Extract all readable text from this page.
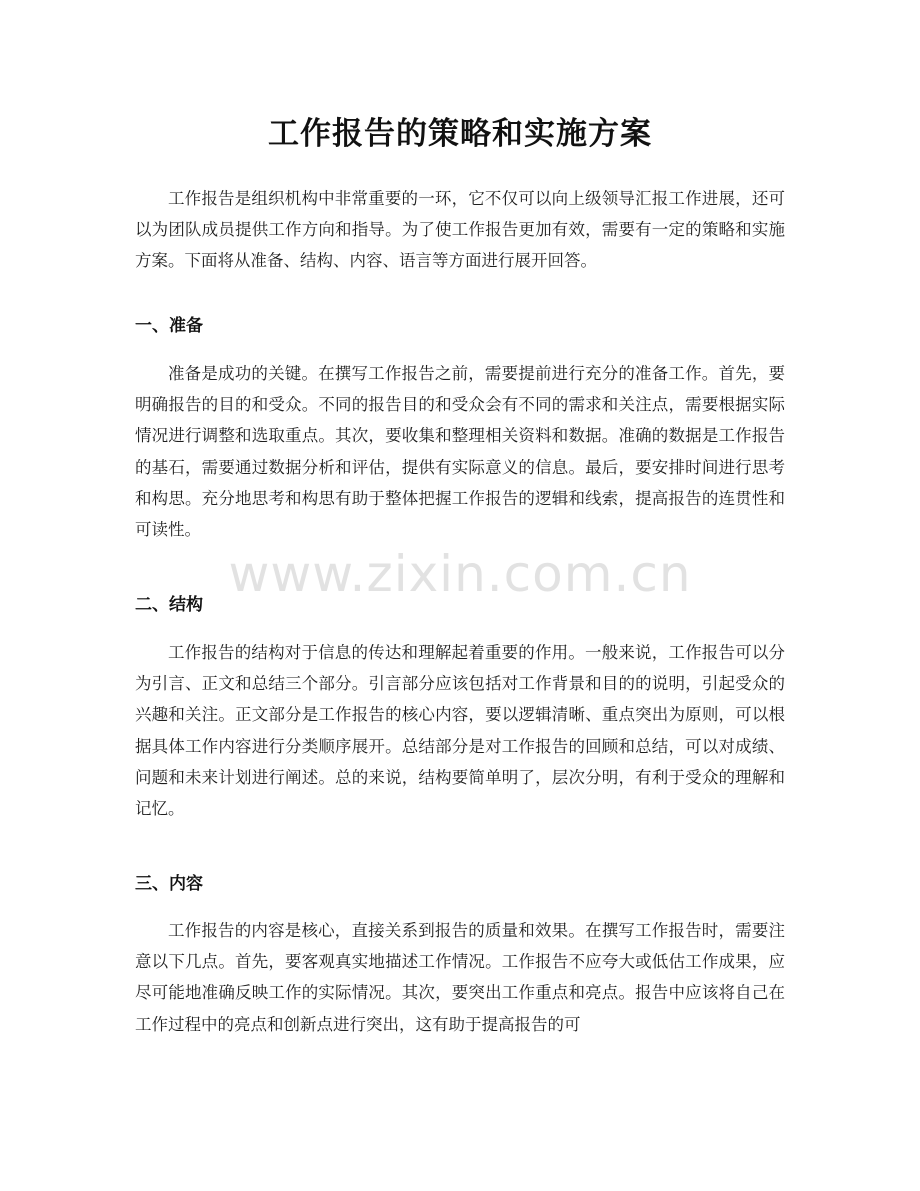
工作报告的策略和实施方案

工作报告是组织机构中非常重要的一环，它不仅可以向上级领导汇报工作进展，还可以为团队成员提供工作方向和指导。为了使工作报告更加有效，需要有一定的策略和实施方案。下面将从准备、结构、内容、语言等方面进行展开回答。

一、准备

准备是成功的关键。在撰写工作报告之前，需要提前进行充分的准备工作。首先，要明确报告的目的和受众。不同的报告目的和受众会有不同的需求和关注点，需要根据实际情况进行调整和选取重点。其次，要收集和整理相关资料和数据。准确的数据是工作报告的基石，需要通过数据分析和评估，提供有实际意义的信息。最后，要安排时间进行思考和构思。充分地思考和构思有助于整体把握工作报告的逻辑和线索，提高报告的连贯性和可读性。

二、结构

工作报告的结构对于信息的传达和理解起着重要的作用。一般来说，工作报告可以分为引言、正文和总结三个部分。引言部分应该包括对工作背景和目的的说明，引起受众的兴趣和关注。正文部分是工作报告的核心内容，要以逻辑清晰、重点突出为原则，可以根据具体工作内容进行分类顺序展开。总结部分是对工作报告的回顾和总结，可以对成绩、问题和未来计划进行阐述。总的来说，结构要简单明了，层次分明，有利于受众的理解和记忆。

三、内容

工作报告的内容是核心，直接关系到报告的质量和效果。在撰写工作报告时，需要注意以下几点。首先，要客观真实地描述工作情况。工作报告不应夸大或低估工作成果，应尽可能地准确反映工作的实际情况。其次，要突出工作重点和亮点。报告中应该将自己在工作过程中的亮点和创新点进行突出，这有助于提高报告的可

www.zixin.com.cn
